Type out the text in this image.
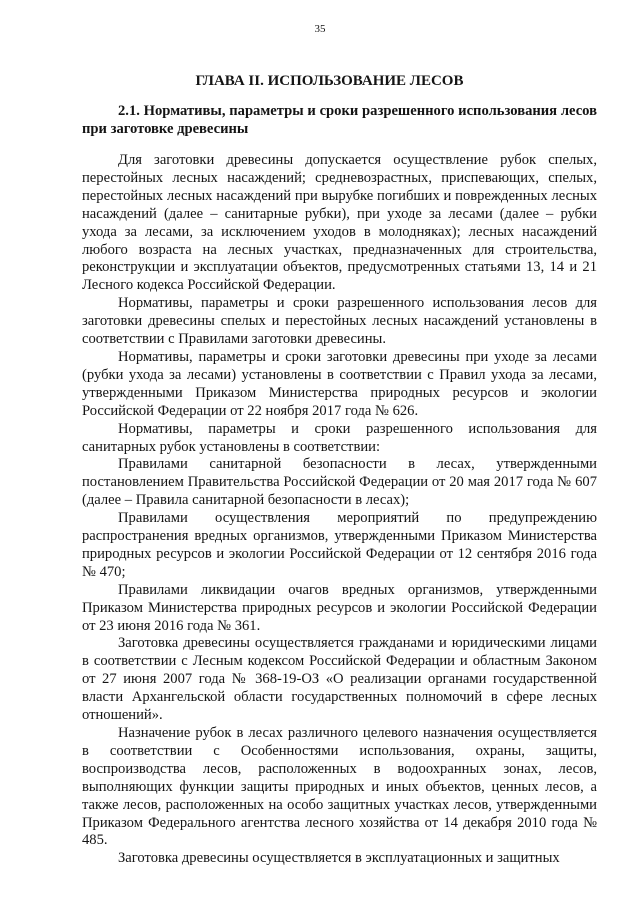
35
ГЛАВА II. ИСПОЛЬЗОВАНИЕ ЛЕСОВ
2.1. Нормативы, параметры и сроки разрешенного использования лесов при заготовке древесины

Для заготовки древесины допускается осуществление рубок спелых, перестойных лесных насаждений; средневозрастных, приспевающих, спелых, перестойных лесных насаждений при вырубке погибших и поврежденных лесных насаждений (далее – санитарные рубки), при уходе за лесами (далее – рубки ухода за лесами, за исключением уходов в молодняках); лесных насаждений любого возраста на лесных участках, предназначенных для строительства, реконструкции и эксплуатации объектов, предусмотренных статьями 13, 14 и 21 Лесного кодекса Российской Федерации.

Нормативы, параметры и сроки разрешенного использования лесов для заготовки древесины спелых и перестойных лесных насаждений установлены в соответствии с Правилами заготовки древесины.

Нормативы, параметры и сроки заготовки древесины при уходе за лесами (рубки ухода за лесами) установлены в соответствии с Правил ухода за лесами, утвержденными Приказом Министерства природных ресурсов и экологии Российской Федерации от 22 ноября 2017 года № 626.

Нормативы, параметры и сроки разрешенного использования для санитарных рубок установлены в соответствии:

Правилами санитарной безопасности в лесах, утвержденными постановлением Правительства Российской Федерации от 20 мая 2017 года № 607 (далее – Правила санитарной безопасности в лесах);

Правилами осуществления мероприятий по предупреждению распространения вредных организмов, утвержденными Приказом Министерства природных ресурсов и экологии Российской Федерации от 12 сентября 2016 года № 470;

Правилами ликвидации очагов вредных организмов, утвержденными Приказом Министерства природных ресурсов и экологии Российской Федерации от 23 июня 2016 года № 361.

Заготовка древесины осуществляется гражданами и юридическими лицами в соответствии с Лесным кодексом Российской Федерации и областным Законом от 27 июня 2007 года № 368-19-ОЗ «О реализации органами государственной власти Архангельской области государственных полномочий в сфере лесных отношений».

Назначение рубок в лесах различного целевого назначения осуществляется в соответствии с Особенностями использования, охраны, защиты, воспроизводства лесов, расположенных в водоохранных зонах, лесов, выполняющих функции защиты природных и иных объектов, ценных лесов, а также лесов, расположенных на особо защитных участках лесов, утвержденными Приказом Федерального агентства лесного хозяйства от 14 декабря 2010 года № 485.

Заготовка древесины осуществляется в эксплуатационных и защитных
